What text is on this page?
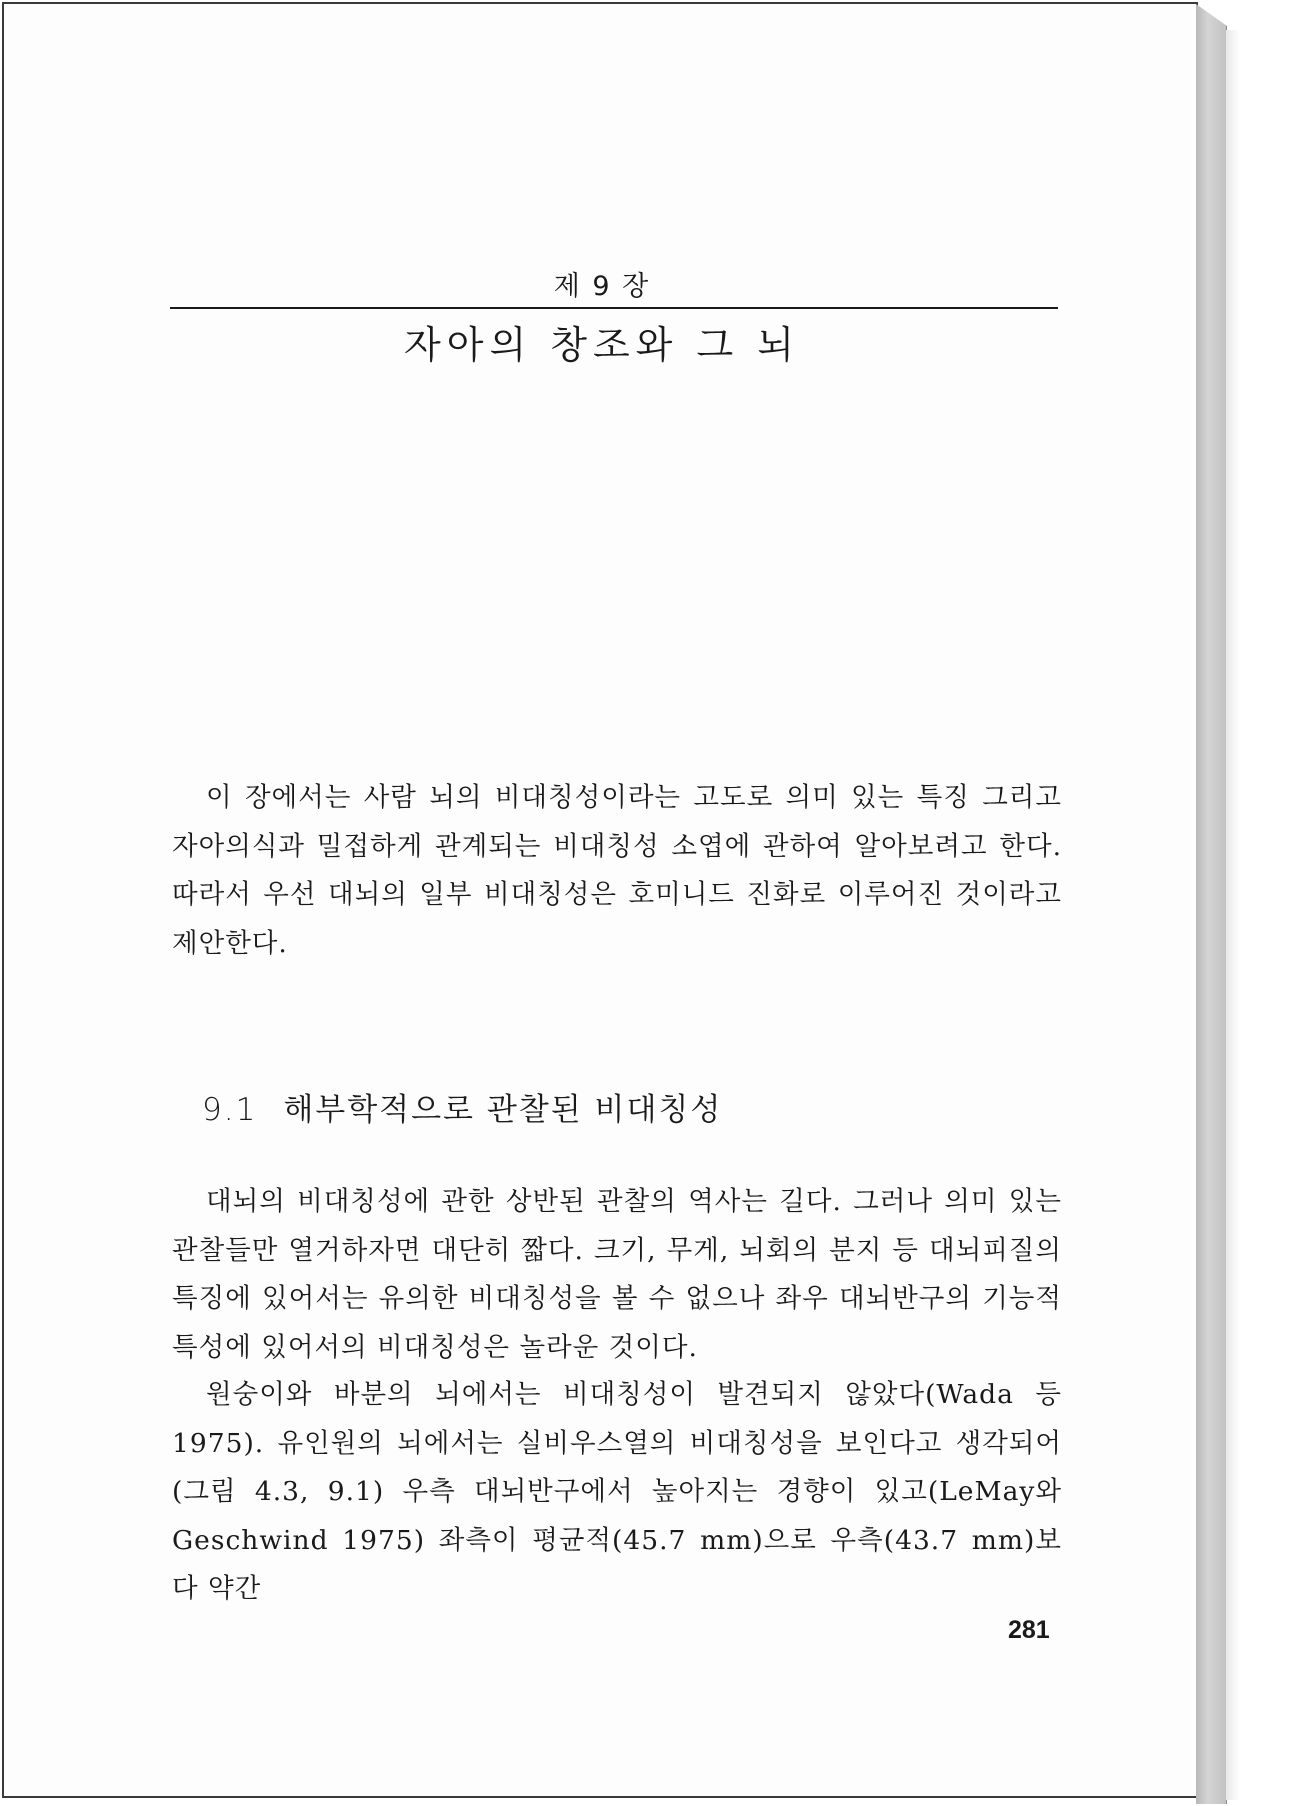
제 9 장
자아의 창조와 그 뇌

이 장에서는 사람 뇌의 비대칭성이라는 고도로 의미 있는 특징 그리고 자아의식과 밀접하게 관계되는 비대칭성 소엽에 관하여 알아보려고 한다. 따라서 우선 대뇌의 일부 비대칭성은 호미니드 진화로 이루어진 것이라고 제안한다.

9.1 해부학적으로 관찰된 비대칭성

대뇌의 비대칭성에 관한 상반된 관찰의 역사는 길다. 그러나 의미 있는 관찰들만 열거하자면 대단히 짧다. 크기, 무게, 뇌회의 분지 등 대뇌피질의 특징에 있어서는 유의한 비대칭성을 볼 수 없으나 좌우 대뇌반구의 기능적 특성에 있어서의 비대칭성은 놀라운 것이다.

원숭이와 바분의 뇌에서는 비대칭성이 발견되지 않았다(Wada 등 1975). 유인원의 뇌에서는 실비우스열의 비대칭성을 보인다고 생각되어(그림 4.3, 9.1) 우측 대뇌반구에서 높아지는 경향이 있고(LeMay와 Geschwind 1975) 좌측이 평균적(45.7 mm)으로 우측(43.7 mm)보다 약간

281
